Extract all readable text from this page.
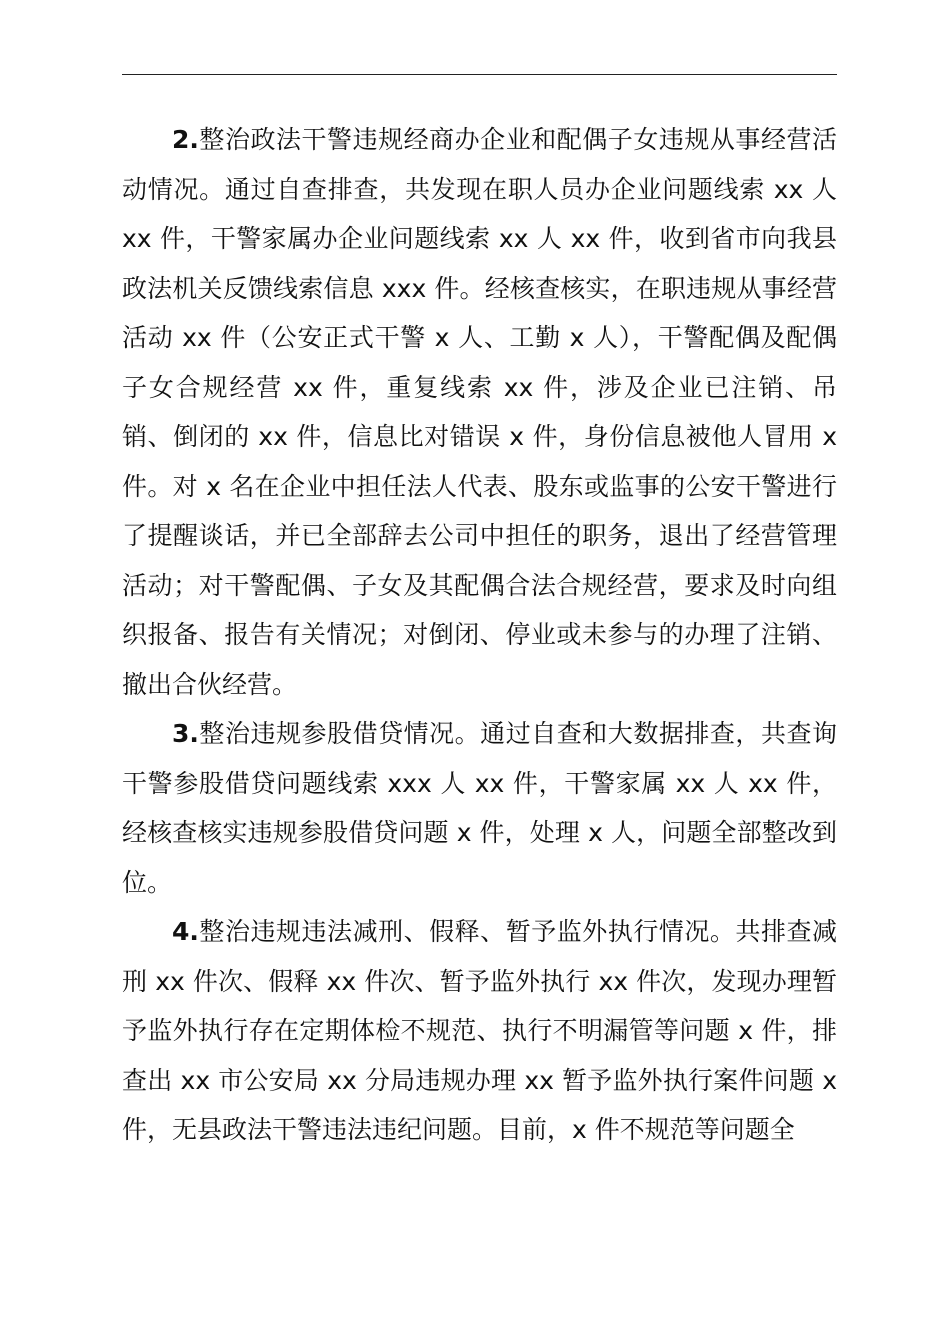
2.整治政法干警违规经商办企业和配偶子女违规从事经营活动情况。通过自查排查，共发现在职人员办企业问题线索 xx 人 xx 件，干警家属办企业问题线索 xx 人 xx 件，收到省市向我县政法机关反馈线索信息 xxx 件。经核查核实，在职违规从事经营活动 xx 件（公安正式干警 x 人、工勤 x 人），干警配偶及配偶子女合规经营 xx 件，重复线索 xx 件，涉及企业已注销、吊销、倒闭的 xx 件，信息比对错误 x 件，身份信息被他人冒用 x 件。对 x 名在企业中担任法人代表、股东或监事的公安干警进行了提醒谈话，并已全部辞去公司中担任的职务，退出了经营管理活动；对干警配偶、子女及其配偶合法合规经营，要求及时向组织报备、报告有关情况；对倒闭、停业或未参与的办理了注销、撤出合伙经营。

3.整治违规参股借贷情况。通过自查和大数据排查，共查询干警参股借贷问题线索 xxx 人 xx 件，干警家属 xx 人 xx 件，经核查核实违规参股借贷问题 x 件，处理 x 人，问题全部整改到位。

4.整治违规违法减刑、假释、暂予监外执行情况。共排查减刑 xx 件次、假释 xx 件次、暂予监外执行 xx 件次，发现办理暂予监外执行存在定期体检不规范、执行不明漏管等问题 x 件，排查出 xx 市公安局 xx 分局违规办理 xx 暂予监外执行案件问题 x 件，无县政法干警违法违纪问题。目前，x 件不规范等问题全
